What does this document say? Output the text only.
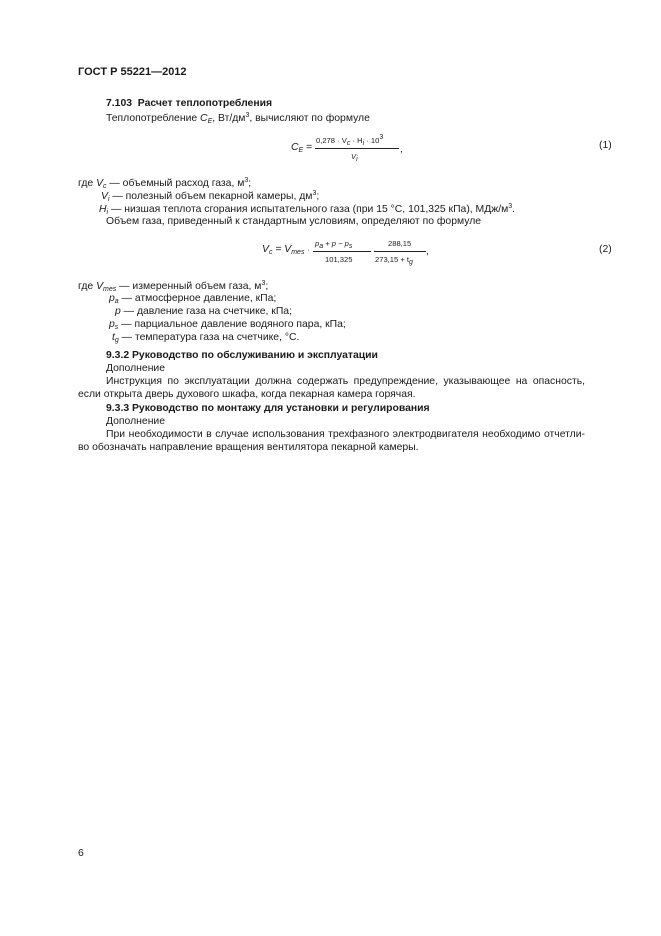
ГОСТ Р 55221—2012
7.103 Расчет теплопотребления
Теплопотребление $C_E$, $Вт/дм^3$, вычисляют по формуле
$C_E$ =
0,278 · Vc · Hi · 103
Vi
,	(1)
где $V_c$ — объемный расход газа, $м^3$;
$V_i$ — полезный объем пекарной камеры, $дм^3$;
$H_i$ — низшая теплота сгорания испытательного газа (при 15 °С, 101,325 кПа), МДж/$м^3$.
Объем газа, приведенный к стандартным условиям, определяют по формуле
$V_c = V_{mes}$ ·
pa + p − ps
101,325
·
288,15
273,15 + tg
,	(2)
где $V_{mes}$ — измеренный объем газа, $м^3$;
$p_a$ — атмосферное давление, кПа;
p — давление газа на счетчике, кПа;
$p_s$ — парциальное давление водяного пара, кПа;
$t_g$ — температура газа на счетчике, °С.
9.3.2 Руководство по обслуживанию и эксплуатации
Дополнение
Инструкция по эксплуатации должна содержать предупреждение, указывающее на опасность,
если открыта дверь духового шкафа, когда пекарная камера горячая.
9.3.3 Руководство по монтажу для установки и регулирования
Дополнение
При необходимости в случае использования трехфазного электродвигателя необходимо отчетли-
во обозначать направление вращения вентилятора пекарной камеры.
6
